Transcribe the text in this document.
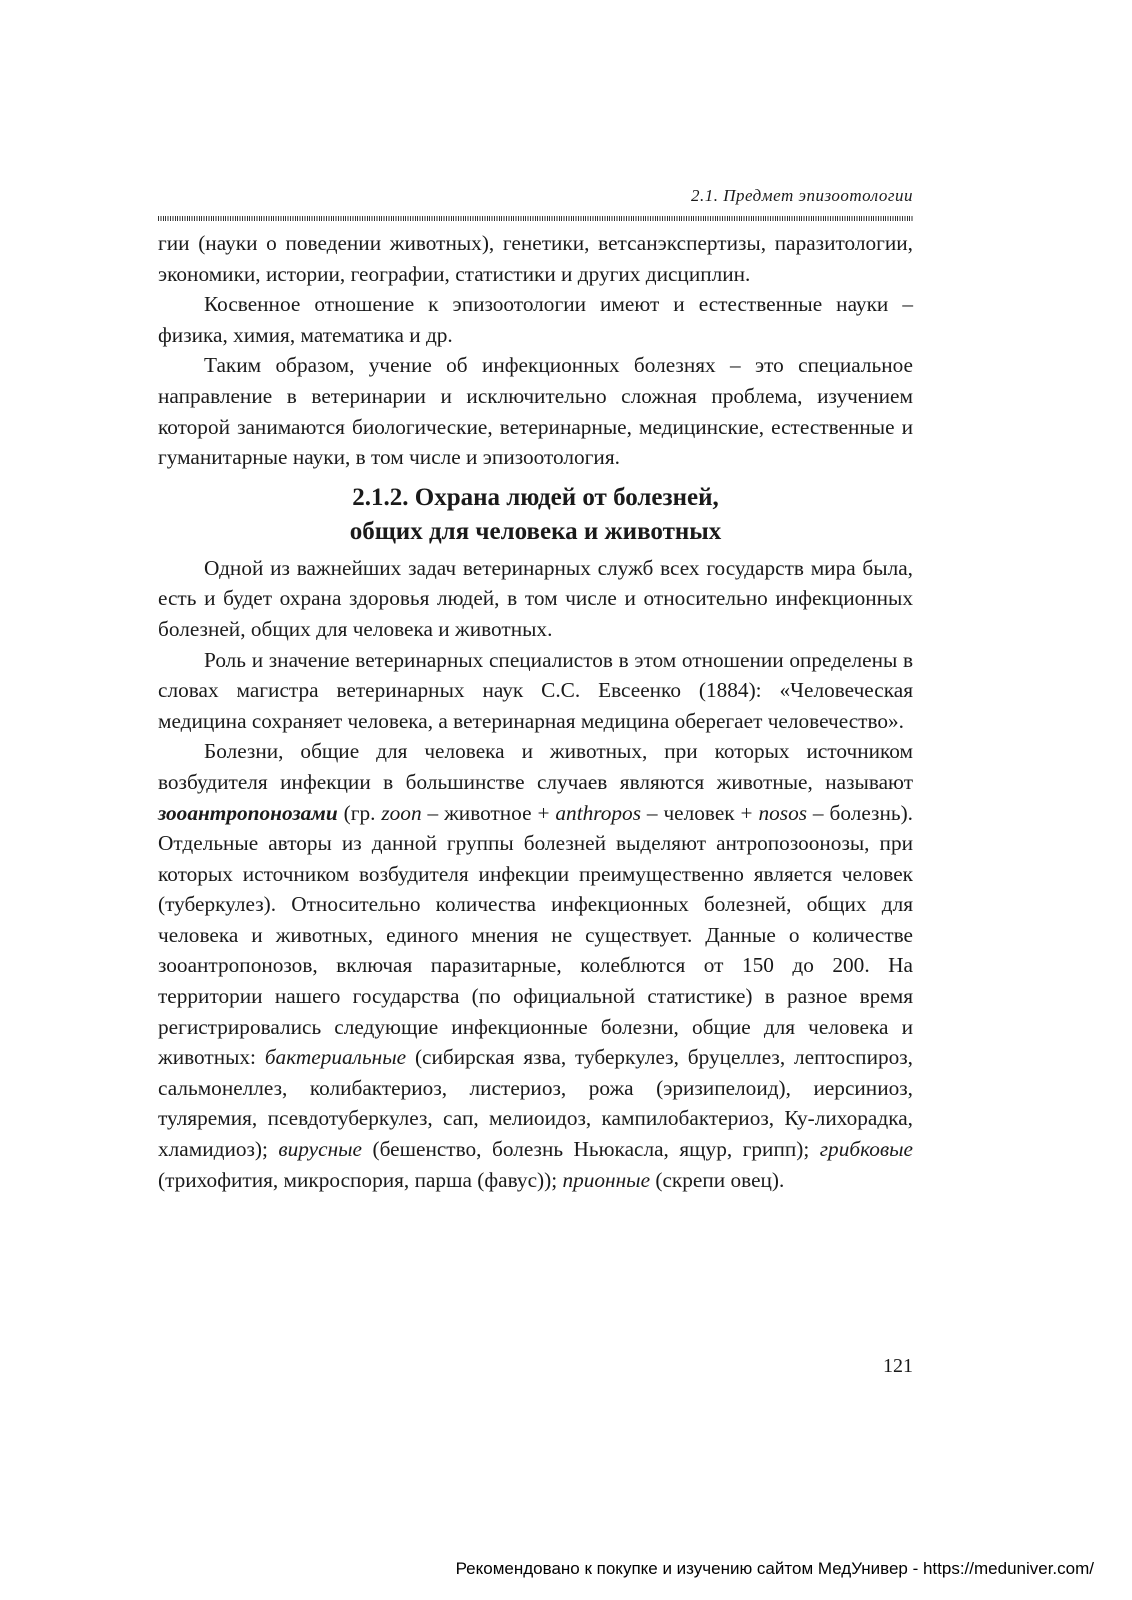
2.1. Предмет эпизоотологии

гии (науки о поведении животных), генетики, ветсанэкспертизы, паразитологии, экономики, истории, географии, статистики и других дисциплин.

Косвенное отношение к эпизоотологии имеют и естественные науки – физика, химия, математика и др.

Таким образом, учение об инфекционных болезнях – это специальное направление в ветеринарии и исключительно сложная проблема, изучением которой занимаются биологические, ветеринарные, медицинские, естественные и гуманитарные науки, в том числе и эпизоотология.

2.1.2. Охрана людей от болезней,
общих для человека и животных

Одной из важнейших задач ветеринарных служб всех государств мира была, есть и будет охрана здоровья людей, в том числе и относительно инфекционных болезней, общих для человека и животных.

Роль и значение ветеринарных специалистов в этом отношении определены в словах магистра ветеринарных наук С.С. Евсеенко (1884): «Человеческая медицина сохраняет человека, а ветеринарная медицина оберегает человечество».

Болезни, общие для человека и животных, при которых источником возбудителя инфекции в большинстве случаев являются животные, называют зооантропонозами (гр. zoon – животное + anthropos – человек + nosos – болезнь). Отдельные авторы из данной группы болезней выделяют антропозоонозы, при которых источником возбудителя инфекции преимущественно является человек (туберкулез). Относительно количества инфекционных болезней, общих для человека и животных, единого мнения не существует. Данные о количестве зооантропонозов, включая паразитарные, колеблются от 150 до 200. На территории нашего государства (по официальной статистике) в разное время регистрировались следующие инфекционные болезни, общие для человека и животных: бактериальные (сибирская язва, туберкулез, бруцеллез, лептоспироз, сальмонеллез, колибактериоз, листериоз, рожа (эризипелоид), иерсиниоз, туляремия, псевдотуберкулез, сап, мелиоидоз, кампилобактериоз, Ку-лихорадка, хламидиоз); вирусные (бешенство, болезнь Ньюкасла, ящур, грипп); грибковые (трихофития, микроспория, парша (фавус)); прионные (скрепи овец).

121
Рекомендовано к покупке и изучению сайтом МедУнивер - https://meduniver.com/
